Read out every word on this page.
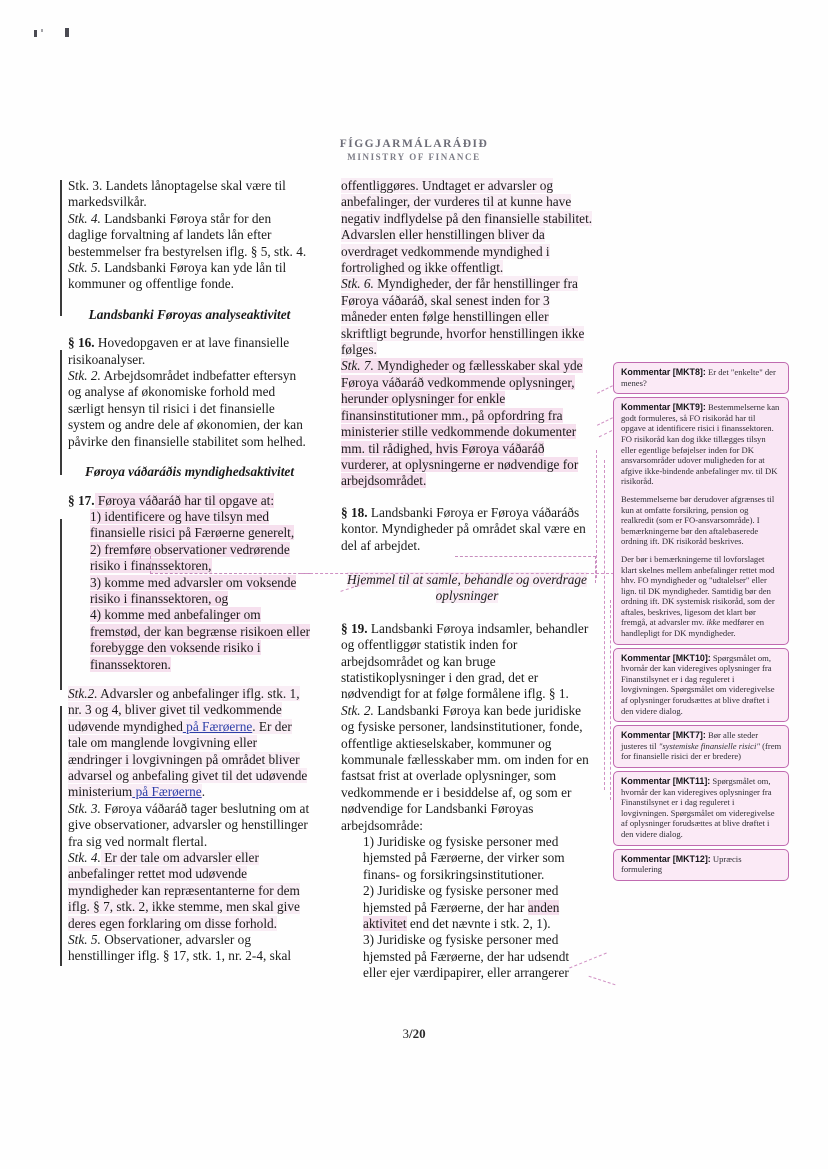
FÍGGJARMÁLARÁÐIÐ
MINISTRY OF FINANCE

Stk. 3. Landets lånoptagelse skal være til markedsvilkår.

Stk. 4. Landsbanki Føroya står for den daglige forvaltning af landets lån efter bestemmelser fra bestyrelsen iflg. § 5, stk. 4.

Stk. 5. Landsbanki Føroya kan yde lån til kommuner og offentlige fonde.

Landsbanki Føroyas analyseaktivitet

§ 16. Hovedopgaven er at lave finansielle risikoanalyser.

Stk. 2. Arbejdsområdet indbefatter eftersyn og analyse af økonomiske forhold med særligt hensyn til risici i det finansielle system og andre dele af økonomien, der kan påvirke den finansielle stabilitet som helhed.

Føroya váðaráðis myndighedsaktivitet

§ 17. Føroya váðaráð har til opgave at:

1) identificere og have tilsyn med finansielle risici på Færøerne generelt,

2) fremføre observationer vedrørende risiko i finanssektoren,

3) komme med advarsler om voksende risiko i finanssektoren, og

4) komme med anbefalinger om fremstød, der kan begrænse risikoen eller forebygge den voksende risiko i finanssektoren.

Stk.2. Advarsler og anbefalinger iflg. stk. 1, nr. 3 og 4, bliver givet til vedkommende udøvende myndighed på Færøerne. Er der tale om manglende lovgivning eller ændringer i lovgivningen på området bliver advarsel og anbefaling givet til det udøvende ministerium på Færøerne.

Stk. 3. Føroya váðaráð tager beslutning om at give observationer, advarsler og henstillinger fra sig ved normalt flertal.

Stk. 4. Er der tale om advarsler eller anbefalinger rettet mod udøvende myndigheder kan repræsentanterne for dem iflg. § 7, stk. 2, ikke stemme, men skal give deres egen forklaring om disse forhold.

Stk. 5. Observationer, advarsler og henstillinger iflg. § 17, stk. 1, nr. 2-4, skal

offentliggøres. Undtaget er advarsler og anbefalinger, der vurderes til at kunne have negativ indflydelse på den finansielle stabilitet. Advarslen eller henstillingen bliver da overdraget vedkommende myndighed i fortrolighed og ikke offentligt.

Stk. 6. Myndigheder, der får henstillinger fra Føroya váðaráð, skal senest inden for 3 måneder enten følge henstillingen eller skriftligt begrunde, hvorfor henstillingen ikke følges.

Stk. 7. Myndigheder og fællesskaber skal yde Føroya váðaráð vedkommende oplysninger, herunder oplysninger for enkle finansinstitutioner mm., på opfordring fra ministerier stille vedkommende dokumenter mm. til rådighed, hvis Føroya váðaráð vurderer, at oplysningerne er nødvendige for arbejdsområdet.

§ 18. Landsbanki Føroya er Føroya váðaráðs kontor. Myndigheder på området skal være en del af arbejdet.

Hjemmel til at samle, behandle og overdrage oplysninger

§ 19. Landsbanki Føroya indsamler, behandler og offentliggør statistik inden for arbejdsområdet og kan bruge statistikoplysninger i den grad, det er nødvendigt for at følge formålene iflg. § 1.

Stk. 2. Landsbanki Føroya kan bede juridiske og fysiske personer, landsinstitutioner, fonde, offentlige aktieselskaber, kommuner og kommunale fællesskaber mm. om inden for en fastsat frist at overlade oplysninger, som vedkommende er i besiddelse af, og som er nødvendige for Landsbanki Føroyas arbejdsområde:

1) Juridiske og fysiske personer med hjemsted på Færøerne, der virker som finans- og forsikringsinstitutioner.

2) Juridiske og fysiske personer med hjemsted på Færøerne, der har anden aktivitet end det nævnte i stk. 2, 1).

3) Juridiske og fysiske personer med hjemsted på Færøerne, der har udsendt eller ejer værdipapirer, eller arrangerer

Kommentar [MKT8]: Er det "enkelte" der menes?
Kommentar [MKT9]: Bestemmelserne kan godt formuleres, så FO risikoråd har til opgave at identificere risici i finanssektoren. FO risikoråd kan dog ikke tillægges tilsyn eller egentlige beføjelser inden for DK ansvarsområder udover muligheden for at afgive ikke-bindende anbefalinger mv. til DK risikoråd.
Bestemmelserne bør derudover afgrænses til kun at omfatte forsikring, pension og realkredit (som er FO-ansvarsområde). I bemærkningerne bør den aftalebaserede ordning ift. DK risikoråd beskrives.
Der bør i bemærkningerne til lovforslaget klart skelnes mellem anbefalinger rettet mod hhv. FO myndigheder og "udtalelser" eller lign. til DK myndigheder. Samtidig bør den ordning ift. DK systemisk risikoråd, som der aftales, beskrives, ligesom det klart bør fremgå, at advarsler mv. ikke medfører en handlepligt for DK myndigheder.
Kommentar [MKT10]: Spørgsmålet om, hvornår der kan videregives oplysninger fra Finanstilsynet er i dag reguleret i lovgivningen. Spørgsmålet om videregivelse af oplysninger forudsættes at blive drøftet i den videre dialog.
Kommentar [MKT7]: Bør alle steder justeres til "systemiske finansielle risici" (frem for finansielle risici der er bredere)
Kommentar [MKT11]: Spørgsmålet om, hvornår der kan videregives oplysninger fra Finanstilsynet er i dag reguleret i lovgivningen. Spørgsmålet om videregivelse af oplysninger forudsættes at blive drøftet i den videre dialog.
Kommentar [MKT12]: Upræcis formulering
3/20
